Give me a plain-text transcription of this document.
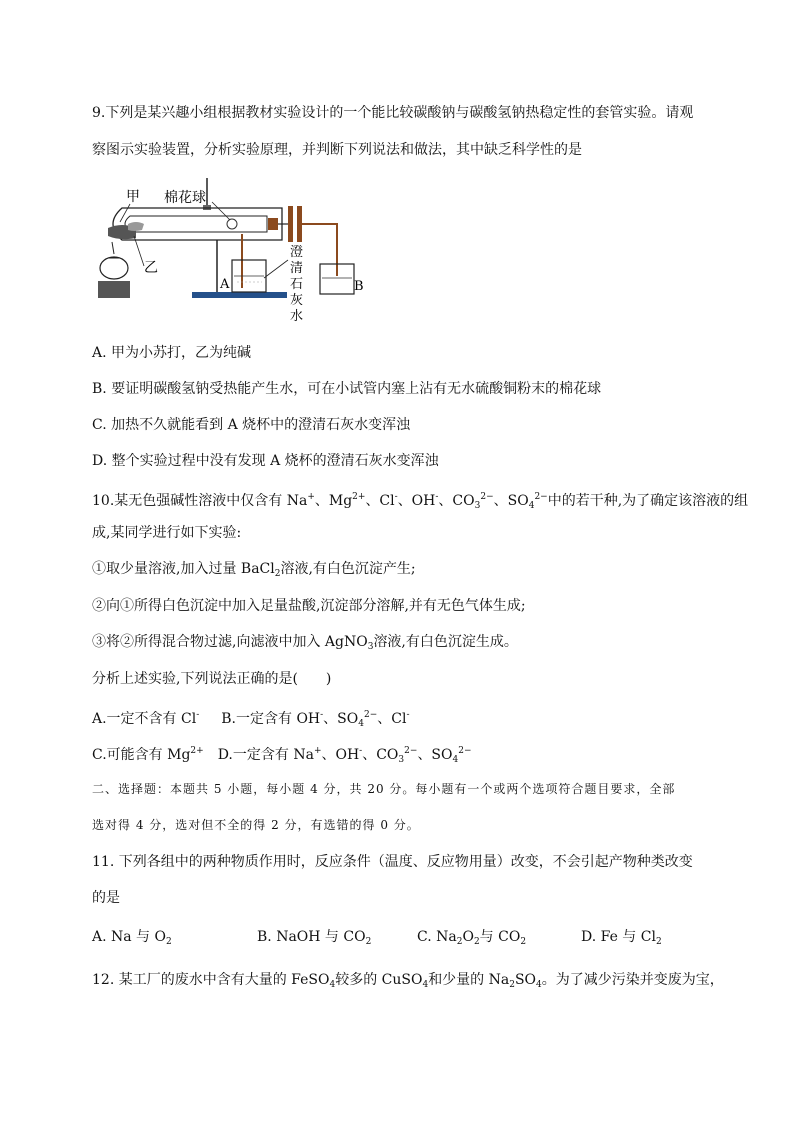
9.下列是某兴趣小组根据教材实验设计的一个能比较碳酸钠与碳酸氢钠热稳定性的套管实验。请观
察图示实验装置，分析实验原理，并判断下列说法和做法，其中缺乏科学性的是
甲 棉花球
乙
A	B
澄
清
石
灰
水
A. 甲为小苏打，乙为纯碱
B. 要证明碳酸氢钠受热能产生水，可在小试管内塞上沾有无水硫酸铜粉末的棉花球
C. 加热不久就能看到 A 烧杯中的澄清石灰水变浑浊
D. 整个实验过程中没有发现 A 烧杯的澄清石灰水变浑浊
10.某无色强碱性溶液中仅含有 Na+、$Mg^{2+}$、Cl-、OH-、$CO_3^{2-}$、$SO_4^{2-}$中的若干种,为了确定该溶液的组
成,某同学进行如下实验:
①取少量溶液,加入过量 BaCl$_2$溶液,有白色沉淀产生;
②向①所得白色沉淀中加入足量盐酸,沉淀部分溶解,并有无色气体生成;
③将②所得混合物过滤,向滤液中加入 AgNO$_3$溶液,有白色沉淀生成。
分析上述实验,下列说法正确的是(　　)
A.一定不含有 Cl- B.一定含有 OH-、$SO_4^{2-}$、Cl-
C.可能含有 $Mg^{2+}$ D.一定含有 Na+、OH-、$CO_3^{2-}$、$SO_4^{2-}$
二、选择题：本题共 5 小题，每小题 4 分，共 20 分。每小题有一个或两个选项符合题目要求，全部
选对得 4 分，选对但不全的得 2 分，有选错的得 0 分。
11. 下列各组中的两种物质作用时，反应条件（温度、反应物用量）改变，不会引起产物种类改变
的是
A. Na 与 $O_2$	B. NaOH 与 $CO_2$	C. $Na_2O_2$与 $CO_2$	D. Fe 与 $Cl_2$
12. 某工厂的废水中含有大量的 FeSO$_4$较多的 CuSO$_4$和少量的 $Na_2SO_4$。为了减少污染并变废为宝，
